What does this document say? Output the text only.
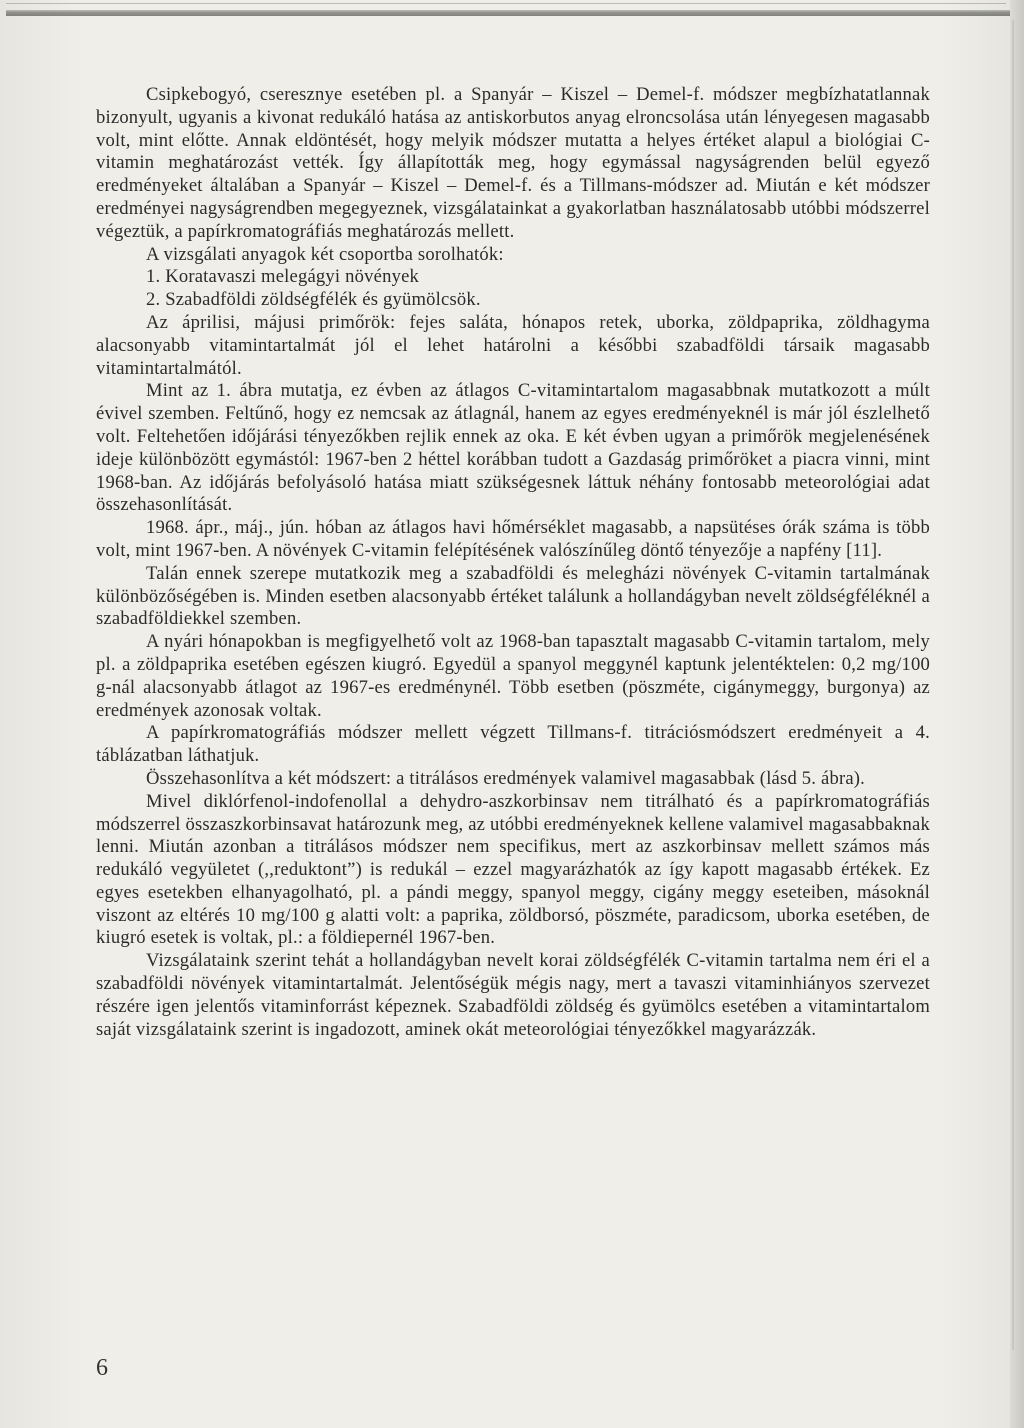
Csipkebogyó, cseresznye esetében pl. a Spanyár – Kiszel – Demel-f. módszer megbízhatatlannak bizonyult, ugyanis a kivonat redukáló hatása az antiskorbutos anyag elroncsolása után lényegesen magasabb volt, mint előtte. Annak eldöntését, hogy melyik módszer mutatta a helyes értéket alapul a biológiai C-vitamin meghatározást vették. Így állapították meg, hogy egymással nagyságrenden belül egyező eredményeket általában a Spanyár – Kiszel – Demel-f. és a Tillmans-módszer ad. Miután e két módszer eredményei nagyságrendben megegyeznek, vizsgálatainkat a gyakorlatban használatosabb utóbbi módszerrel végeztük, a papírkromatográfiás meghatározás mellett.

A vizsgálati anyagok két csoportba sorolhatók:

1. Koratavaszi melegágyi növények
2. Szabadföldi zöldségfélék és gyümölcsök.

Az áprilisi, májusi primőrök: fejes saláta, hónapos retek, uborka, zöldpaprika, zöldhagyma alacsonyabb vitamintartalmát jól el lehet határolni a későbbi szabadföldi társaik magasabb vitamintartalmától.

Mint az 1. ábra mutatja, ez évben az átlagos C-vitamintartalom magasabbnak mutatkozott a múlt évivel szemben. Feltűnő, hogy ez nemcsak az átlagnál, hanem az egyes eredményeknél is már jól észlelhető volt. Feltehetően időjárási tényezőkben rejlik ennek az oka. E két évben ugyan a primőrök megjelenésének ideje különbözött egymástól: 1967-ben 2 héttel korábban tudott a Gazdaság primőröket a piacra vinni, mint 1968-ban. Az időjárás befolyásoló hatása miatt szükségesnek láttuk néhány fontosabb meteorológiai adat összehasonlítását.

1968. ápr., máj., jún. hóban az átlagos havi hőmérséklet magasabb, a napsütéses órák száma is több volt, mint 1967-ben. A növények C-vitamin felépítésének valószínűleg döntő tényezője a napfény [11].

Talán ennek szerepe mutatkozik meg a szabadföldi és melegházi növények C-vitamin tartalmának különbözőségében is. Minden esetben alacsonyabb értéket találunk a hollandágyban nevelt zöldségféléknél a szabadföldiekkel szemben.

A nyári hónapokban is megfigyelhető volt az 1968-ban tapasztalt magasabb C-vitamin tartalom, mely pl. a zöldpaprika esetében egészen kiugró. Egyedül a spanyol meggynél kaptunk jelentéktelen: 0,2 mg/100 g-nál alacsonyabb átlagot az 1967-es eredménynél. Több esetben (pöszméte, cigánymeggy, burgonya) az eredmények azonosak voltak.

A papírkromatográfiás módszer mellett végzett Tillmans-f. titrációsmódszert eredményeit a 4. táblázatban láthatjuk.

Összehasonlítva a két módszert: a titrálásos eredmények valamivel magasabbak (lásd 5. ábra).

Mivel diklórfenol-indofenollal a dehydro-aszkorbinsav nem titrálható és a papírkromatográfiás módszerrel összaszkorbinsavat határozunk meg, az utóbbi eredményeknek kellene valamivel magasabbaknak lenni. Miután azonban a titrálásos módszer nem specifikus, mert az aszkorbinsav mellett számos más redukáló vegyületet (,,reduktont”) is redukál – ezzel magyarázhatók az így kapott magasabb értékek. Ez egyes esetekben elhanyagolható, pl. a pándi meggy, spanyol meggy, cigány meggy eseteiben, másoknál viszont az eltérés 10 mg/100 g alatti volt: a paprika, zöldborsó, pöszméte, paradicsom, uborka esetében, de kiugró esetek is voltak, pl.: a földiepernél 1967-ben.

Vizsgálataink szerint tehát a hollandágyban nevelt korai zöldségfélék C-vitamin tartalma nem éri el a szabadföldi növények vitamintartalmát. Jelentőségük mégis nagy, mert a tavaszi vitaminhiányos szervezet részére igen jelentős vitaminforrást képeznek. Szabadföldi zöldség és gyümölcs esetében a vitamintartalom saját vizsgálataink szerint is ingadozott, aminek okát meteorológiai tényezőkkel magyarázzák.

6
